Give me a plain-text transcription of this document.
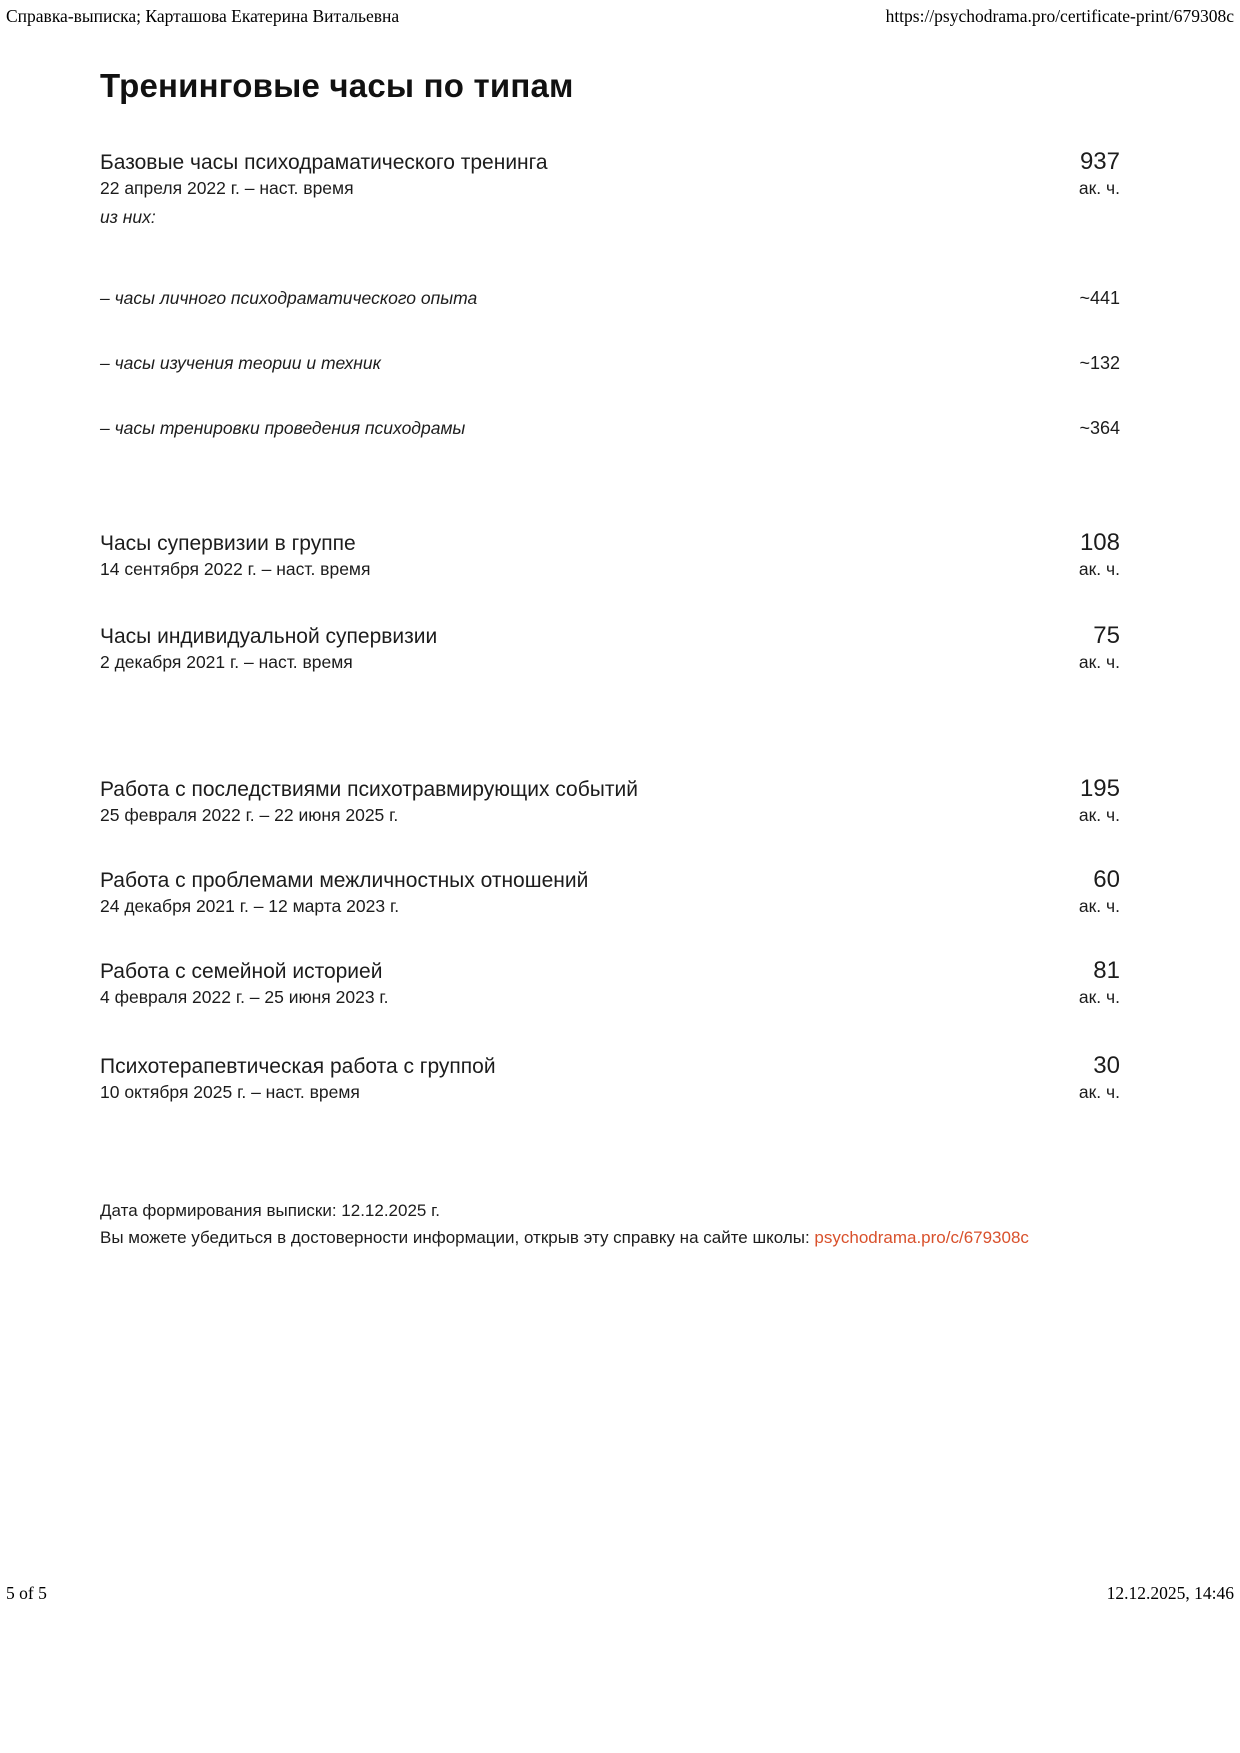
Справка-выписка; Карташова Екатерина Витальевна	https://psychodrama.pro/certificate-print/679308c
Тренинговые часы по типам
Базовые часы психодраматического тренинга	937
22 апреля 2022 г. – наст. время	ак. ч.
из них:
– часы личного психодраматического опыта	~441
– часы изучения теории и техник	~132
– часы тренировки проведения психодрамы	~364
Часы супервизии в группе	108
14 сентября 2022 г. – наст. время	ак. ч.
Часы индивидуальной супервизии	75
2 декабря 2021 г. – наст. время	ак. ч.
Работа с последствиями психотравмирующих событий	195
25 февраля 2022 г. – 22 июня 2025 г.	ак. ч.
Работа с проблемами межличностных отношений	60
24 декабря 2021 г. – 12 марта 2023 г.	ак. ч.
Работа с семейной историей	81
4 февраля 2022 г. – 25 июня 2023 г.	ак. ч.
Психотерапевтическая работа с группой	30
10 октября 2025 г. – наст. время	ак. ч.
Дата формирования выписки: 12.12.2025 г.
Вы можете убедиться в достоверности информации, открыв эту справку на сайте школы: psychodrama.pro/c/679308c
5 of 5	12.12.2025, 14:46
